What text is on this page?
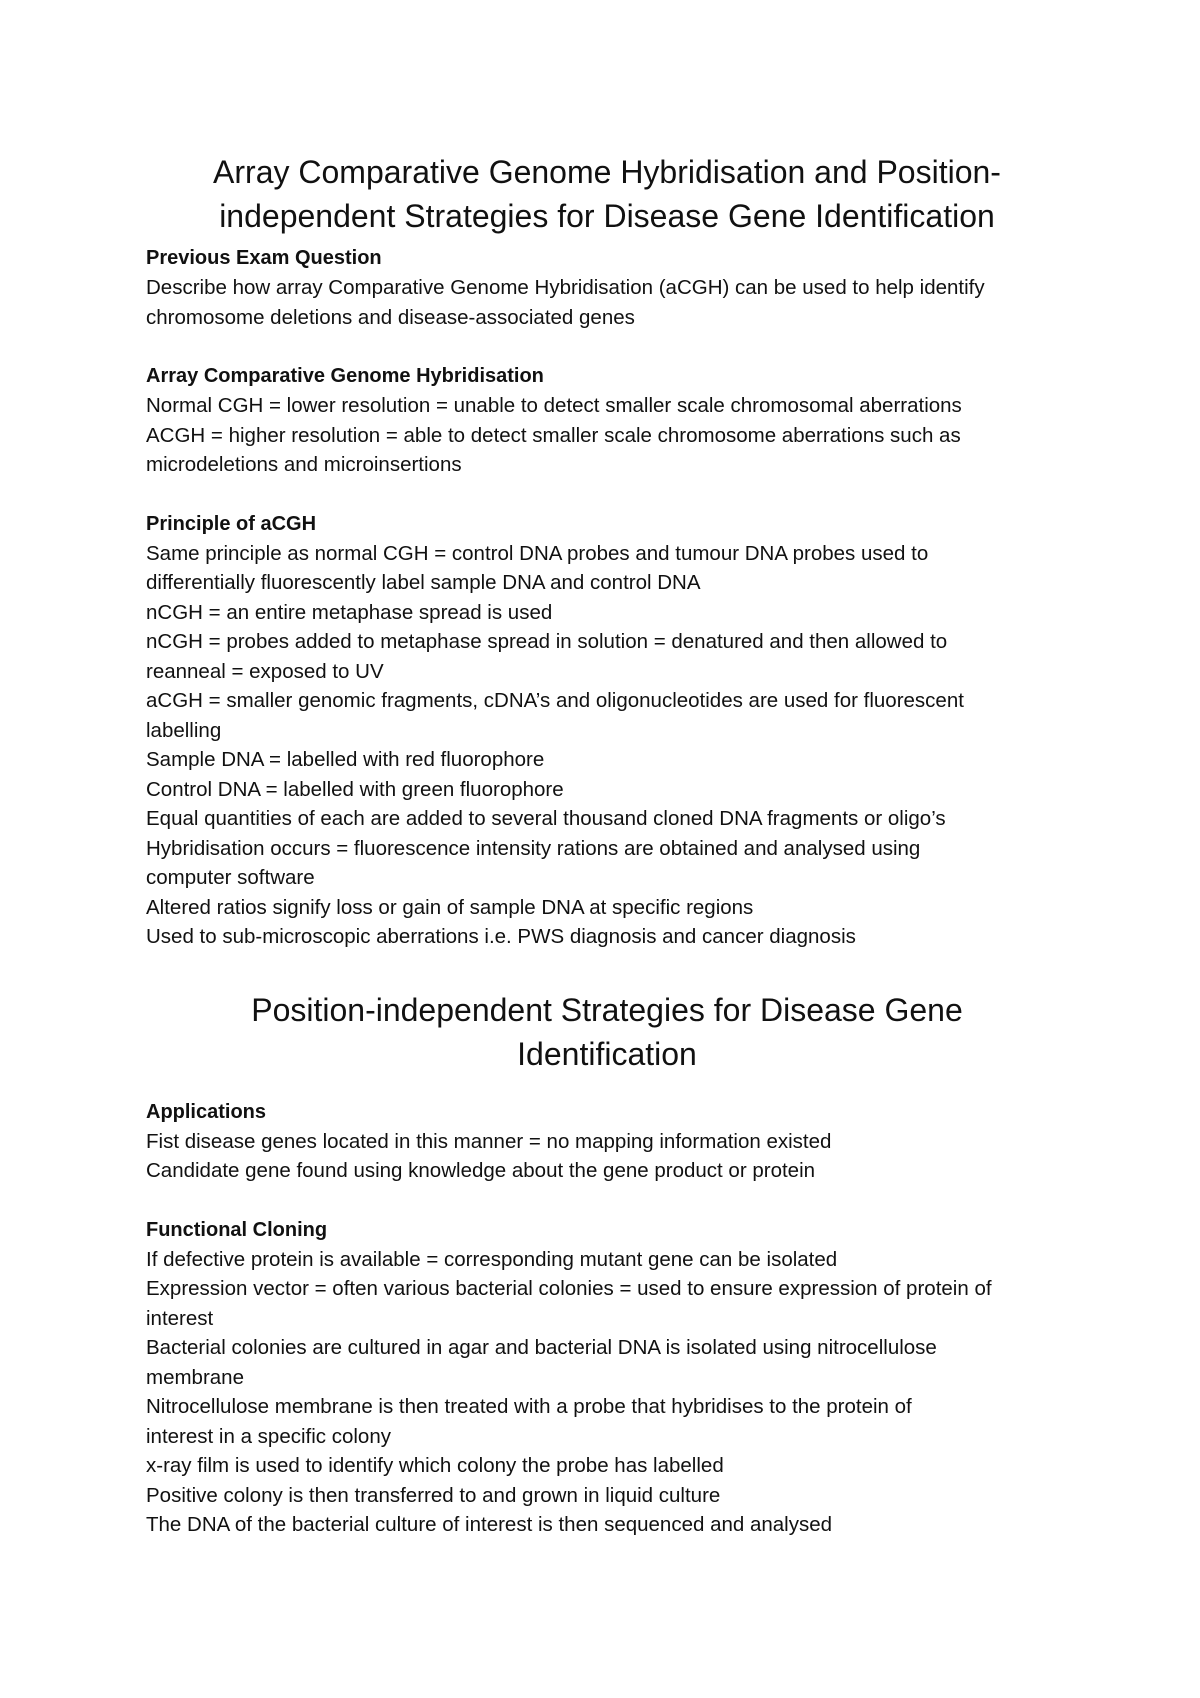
Array Comparative Genome Hybridisation and Position-
independent Strategies for Disease Gene Identification
Previous Exam Question
Describe how array Comparative Genome Hybridisation (aCGH) can be used to help identify
chromosome deletions and disease-associated genes
Array Comparative Genome Hybridisation
Normal CGH = lower resolution = unable to detect smaller scale chromosomal aberrations
ACGH = higher resolution = able to detect smaller scale chromosome aberrations such as
microdeletions and microinsertions
Principle of aCGH
Same principle as normal CGH = control DNA probes and tumour DNA probes used to
differentially fluorescently label sample DNA and control DNA
nCGH = an entire metaphase spread is used
nCGH = probes added to metaphase spread in solution = denatured and then allowed to
reanneal = exposed to UV
aCGH = smaller genomic fragments, cDNA’s and oligonucleotides are used for fluorescent
labelling
Sample DNA = labelled with red fluorophore
Control DNA = labelled with green fluorophore
Equal quantities of each are added to several thousand cloned DNA fragments or oligo’s
Hybridisation occurs = fluorescence intensity rations are obtained and analysed using
computer software
Altered ratios signify loss or gain of sample DNA at specific regions
Used to sub-microscopic aberrations i.e. PWS diagnosis and cancer diagnosis
Position-independent Strategies for Disease Gene
Identification
Applications
Fist disease genes located in this manner = no mapping information existed
Candidate gene found using knowledge about the gene product or protein
Functional Cloning
If defective protein is available = corresponding mutant gene can be isolated
Expression vector = often various bacterial colonies = used to ensure expression of protein of
interest
Bacterial colonies are cultured in agar and bacterial DNA is isolated using nitrocellulose
membrane
Nitrocellulose membrane is then treated with a probe that hybridises to the protein of
interest in a specific colony
x-ray film is used to identify which colony the probe has labelled
Positive colony is then transferred to and grown in liquid culture
The DNA of the bacterial culture of interest is then sequenced and analysed
